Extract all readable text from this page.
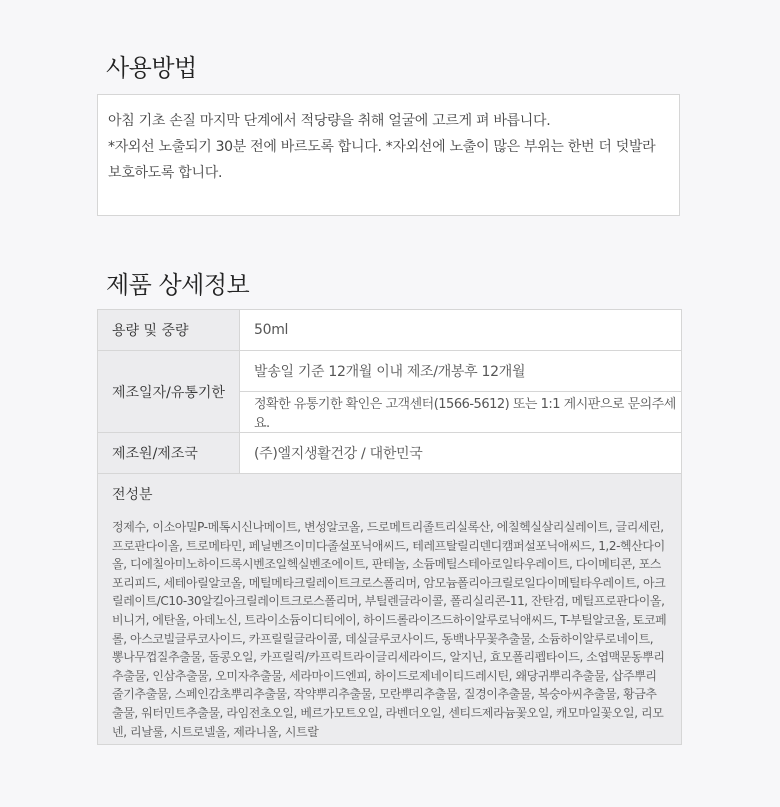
사용방법

아침 기초 손질 마지막 단계에서 적당량을 취해 얼굴에 고르게 펴 바릅니다.

*자외선 노출되기 30분 전에 바르도록 합니다. *자외선에 노출이 많은 부위는 한번 더 덧발라

보호하도록 합니다.

제품 상세정보
용량 및 중량	50ml
제조일자/유통기한
발송일 기준 12개월 이내 제조/개봉후 12개월
정확한 유통기한 확인은 고객센터(1566-5612) 또는 1:1 게시판으로 문의주세요.
제조원/제조국	(주)엘지생활건강 / 대한민국
전성분
정제수, 이소아밀P-메톡시신나메이트, 변성알코올, 드로메트리졸트리실록산, 에칠헥실살리실레이트, 글리세린, 프로판다이올, 트로메타민, 페닐벤즈이미다졸설포닉애씨드, 테레프탈릴리덴디캠퍼설포닉애씨드, 1,2-헥산다이올, 디에칠아미노하이드록시벤조일헥실벤조에이트, 판테놀, 소듐메틸스테아로일타우레이트, 다이메티콘, 포스포리피드, 세테아릴알코올, 메틸메타크릴레이트크로스폴리머, 암모늄폴리아크릴로일다이메틸타우레이트, 아크릴레이트/C10-30알킬아크릴레이트크로스폴리머, 부틸렌글라이콜, 폴리실리콘-11, 잔탄검, 메틸프로판다이올, 비니거, 에탄올, 아데노신, 트라이소듐이디티에이, 하이드롤라이즈드하이알루로닉애씨드, T-부틸알코올, 토코페롤, 아스코빌글루코사이드, 카프릴릴글라이콜, 데실글루코사이드, 동백나무꽃추출물, 소듐하이알루로네이트, 뽕나무껍질추출물, 돌콩오일, 카프릴릭/카프릭트라이글리세라이드, 알지닌, 효모폴리펩타이드, 소엽맥문동뿌리추출물, 인삼추출물, 오미자추출물, 세라마이드엔피, 하이드로제네이티드레시틴, 왜당귀뿌리추출물, 삽주뿌리줄기추출물, 스페인감초뿌리추출물, 작약뿌리추출물, 모란뿌리추출물, 질경이추출물, 복숭아씨추출물, 황금추출물, 워터민트추출물, 라임전초오일, 베르가모트오일, 라벤더오일, 센티드제라늄꽃오일, 캐모마일꽃오일, 리모넨, 리날룰, 시트로넬올, 제라니올, 시트랄
